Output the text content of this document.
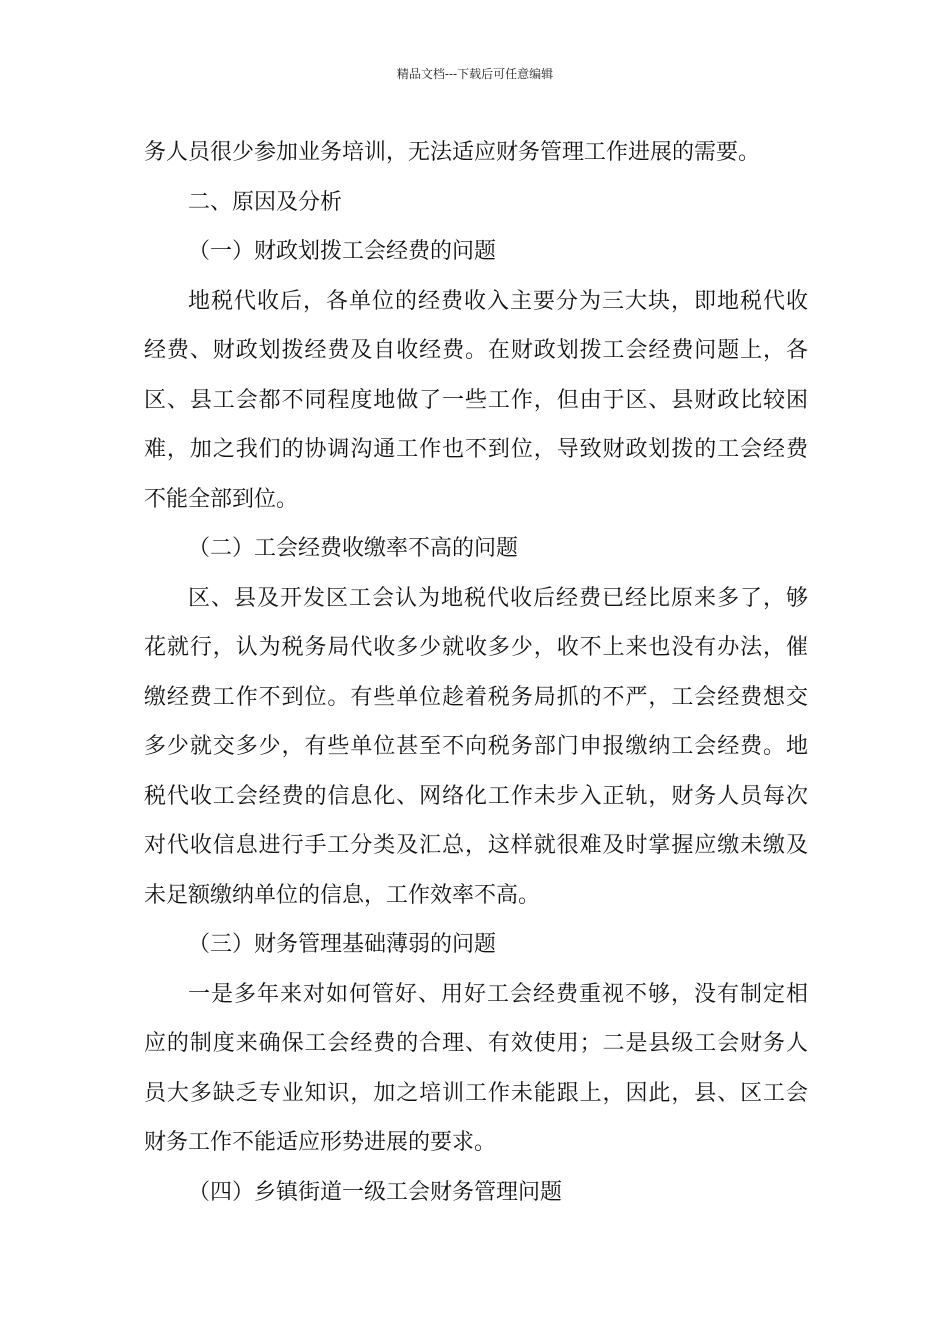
精品文档---下载后可任意编辑
务人员很少参加业务培训，无法适应财务管理工作进展的需要。
二、原因及分析
（一）财政划拨工会经费的问题
地税代收后，各单位的经费收入主要分为三大块，即地税代收
经费、财政划拨经费及自收经费。在财政划拨工会经费问题上，各
区、县工会都不同程度地做了一些工作，但由于区、县财政比较困
难，加之我们的协调沟通工作也不到位，导致财政划拨的工会经费
不能全部到位。
（二）工会经费收缴率不高的问题
区、县及开发区工会认为地税代收后经费已经比原来多了，够
花就行，认为税务局代收多少就收多少，收不上来也没有办法，催
缴经费工作不到位。有些单位趁着税务局抓的不严，工会经费想交
多少就交多少，有些单位甚至不向税务部门申报缴纳工会经费。地
税代收工会经费的信息化、网络化工作未步入正轨，财务人员每次
对代收信息进行手工分类及汇总，这样就很难及时掌握应缴未缴及
未足额缴纳单位的信息，工作效率不高。
（三）财务管理基础薄弱的问题
一是多年来对如何管好、用好工会经费重视不够，没有制定相
应的制度来确保工会经费的合理、有效使用；二是县级工会财务人
员大多缺乏专业知识，加之培训工作未能跟上，因此，县、区工会
财务工作不能适应形势进展的要求。
（四）乡镇街道一级工会财务管理问题
